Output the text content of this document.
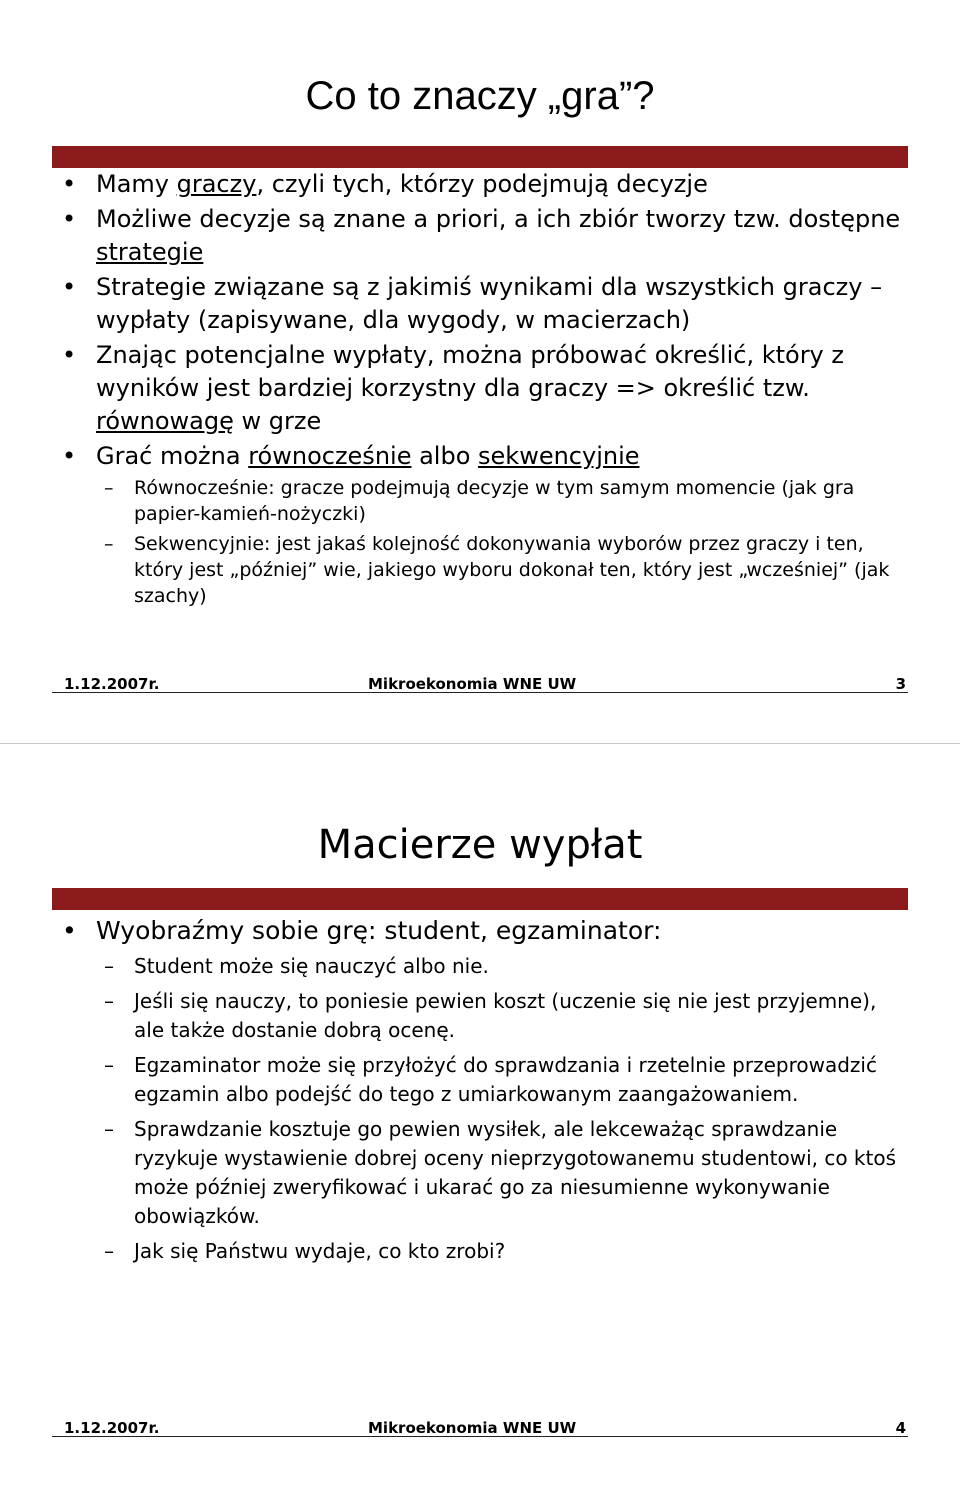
Co to znaczy „gra”?

• Mamy graczy, czyli tych, którzy podejmują decyzje

• Możliwe decyzje są znane a priori, a ich zbiór tworzy tzw. dostępne strategie

• Strategie związane są z jakimiś wynikami dla wszystkich graczy – wypłaty (zapisywane, dla wygody, w macierzach)

• Znając potencjalne wypłaty, można próbować określić, który z wyników jest bardziej korzystny dla graczy => określić tzw. równowagę w grze

• Grać można równocześnie albo sekwencyjnie

– Równocześnie: gracze podejmują decyzje w tym samym momencie (jak gra papier-kamień-nożyczki)

– Sekwencyjnie: jest jakaś kolejność dokonywania wyborów przez graczy i ten, który jest „później” wie, jakiego wyboru dokonał ten, który jest „wcześniej” (jak szachy)

1.12.2007r.	Mikroekonomia WNE UW	3
Macierze wypłat

• Wyobraźmy sobie grę: student, egzaminator:

– Student może się nauczyć albo nie.

– Jeśli się nauczy, to poniesie pewien koszt (uczenie się nie jest przyjemne), ale także dostanie dobrą ocenę.

– Egzaminator może się przyłożyć do sprawdzania i rzetelnie przeprowadzić egzamin albo podejść do tego z umiarkowanym zaangażowaniem.

– Sprawdzanie kosztuje go pewien wysiłek, ale lekceważąc sprawdzanie ryzykuje wystawienie dobrej oceny nieprzygotowanemu studentowi, co ktoś może później zweryfikować i ukarać go za niesumienne wykonywanie obowiązków.

– Jak się Państwu wydaje, co kto zrobi?

1.12.2007r.	Mikroekonomia WNE UW	4
